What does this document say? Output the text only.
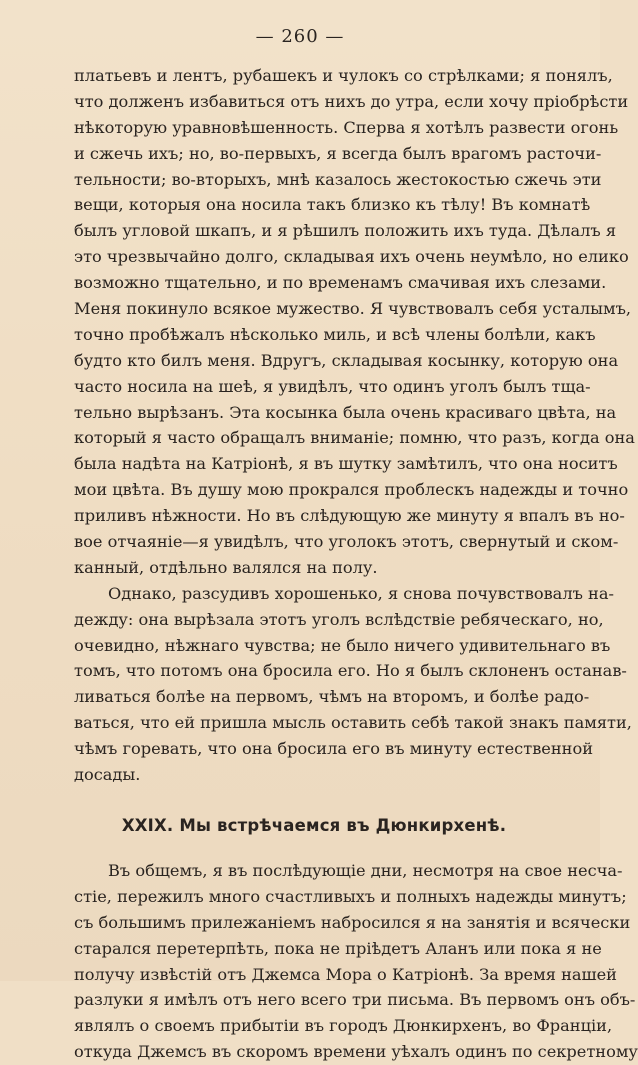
— 260 —
платьевъ и лентъ, рубашекъ и чулокъ со стрѣлками; я понялъ,
что долженъ избавиться отъ нихъ до утра, если хочу пріобрѣсти
нѣкоторую уравновѣшенность. Сперва я хотѣлъ развести огонь
и сжечь ихъ; но, во-первыхъ, я всегда былъ врагомъ расточи-
тельности; во-вторыхъ, мнѣ казалось жестокостью сжечь эти
вещи, которыя она носила такъ близко къ тѣлу! Въ комнатѣ
былъ угловой шкапъ, и я рѣшилъ положить ихъ туда. Дѣлалъ я
это чрезвычайно долго, складывая ихъ очень неумѣло, но елико
возможно тщательно, и по временамъ смачивая ихъ слезами.
Меня покинуло всякое мужество. Я чувствовалъ себя усталымъ,
точно пробѣжалъ нѣсколько миль, и всѣ члены болѣли, какъ
будто кто билъ меня. Вдругъ, складывая косынку, которую она
часто носила на шеѣ, я увидѣлъ, что одинъ уголъ былъ тща-
тельно вырѣзанъ. Эта косынка была очень красиваго цвѣта, на
который я часто обращалъ вниманіе; помню, что разъ, когда она
была надѣта на Катріонѣ, я въ шутку замѣтилъ, что она носитъ
мои цвѣта. Въ душу мою прокрался проблескъ надежды и точно
приливъ нѣжности. Но въ слѣдующую же минуту я впалъ въ но-
вое отчаяніе—я увидѣлъ, что уголокъ этотъ, свернутый и ском-
канный, отдѣльно валялся на полу.
Однако, разсудивъ хорошенько, я снова почувствовалъ на-
дежду: она вырѣзала этотъ уголъ вслѣдствіе ребяческаго, но,
очевидно, нѣжнаго чувства; не было ничего удивительнаго въ
томъ, что потомъ она бросила его. Но я былъ склоненъ останав-
ливаться болѣе на первомъ, чѣмъ на второмъ, и болѣе радо-
ваться, что ей пришла мысль оставить себѣ такой знакъ памяти,
чѣмъ горевать, что она бросила его въ минуту естественной
досады.
XXIX. Мы встрѣчаемся въ Дюнкирхенѣ.
Въ общемъ, я въ послѣдующіе дни, несмотря на свое несча-
стіе, пережилъ много счастливыхъ и полныхъ надежды минутъ;
съ большимъ прилежаніемъ набросился я на занятія и всячески
старался перетерпѣть, пока не прiѣдетъ Аланъ или пока я не
получу извѣстій отъ Джемса Мора о Катріонѣ. За время нашей
разлуки я имѣлъ отъ него всего три письма. Въ первомъ онъ объ-
являлъ о своемъ прибытіи въ городъ Дюнкирхенъ, во Франціи,
откуда Джемсъ въ скоромъ времени уѣхалъ одинъ по секретному
